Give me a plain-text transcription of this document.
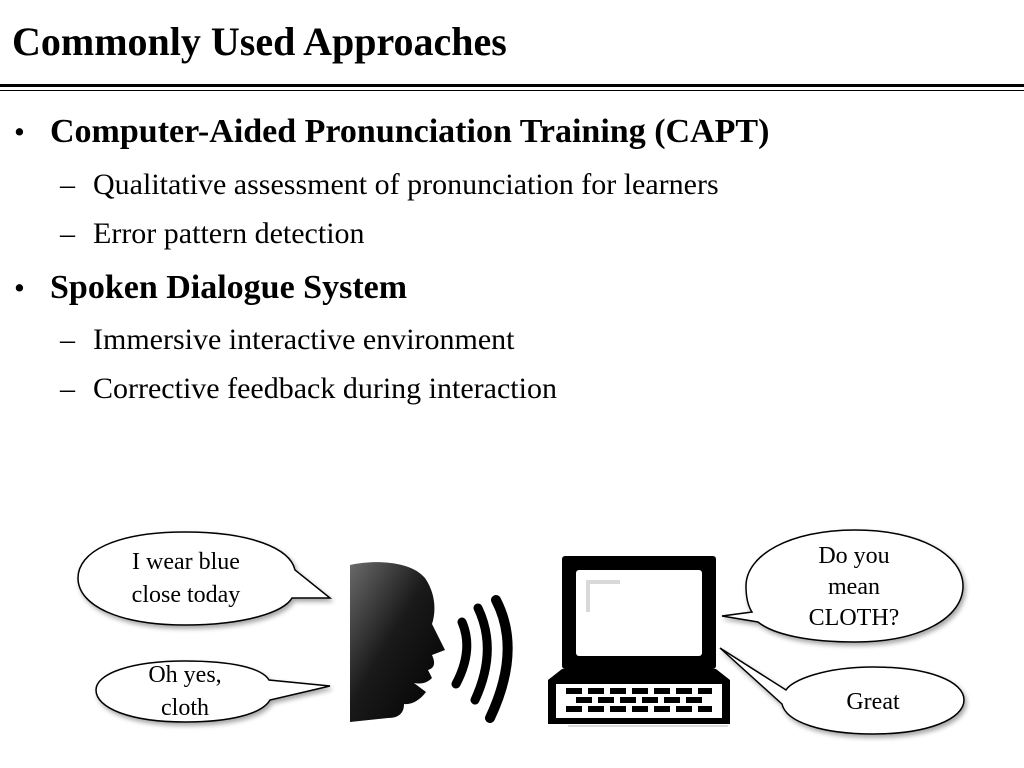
Commonly Used Approaches
• Computer-Aided Pronunciation Training (CAPT)
– Qualitative assessment of pronunciation for learners
– Error pattern detection
• Spoken Dialogue System
– Immersive interactive environment
– Corrective feedback during interaction
I wear blue
close today
Oh yes,
cloth
Do you
mean
CLOTH?
Great
